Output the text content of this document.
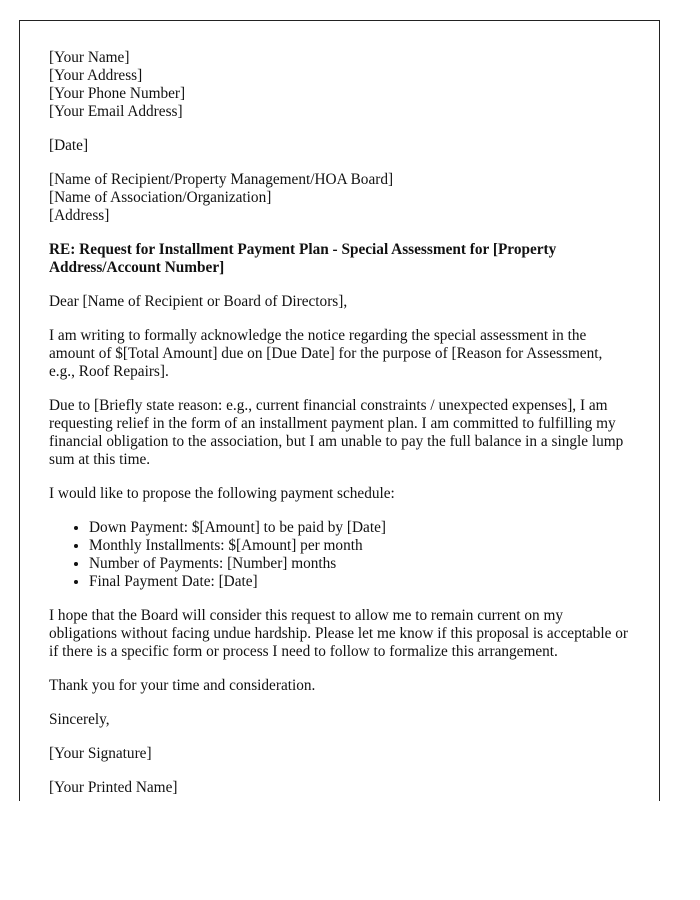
[Your Name]
[Your Address]
[Your Phone Number]
[Your Email Address]
[Date]
[Name of Recipient/Property Management/HOA Board]
[Name of Association/Organization]
[Address]
RE: Request for Installment Payment Plan - Special Assessment for [Property Address/Account Number]

Dear [Name of Recipient or Board of Directors],

I am writing to formally acknowledge the notice regarding the special assessment in the amount of $[Total Amount] due on [Due Date] for the purpose of [Reason for Assessment, e.g., Roof Repairs].

Due to [Briefly state reason: e.g., current financial constraints / unexpected expenses], I am requesting relief in the form of an installment payment plan. I am committed to fulfilling my financial obligation to the association, but I am unable to pay the full balance in a single lump sum at this time.

I would like to propose the following payment schedule:

• Down Payment: $[Amount] to be paid by [Date]
• Monthly Installments: $[Amount] per month
• Number of Payments: [Number] months
• Final Payment Date: [Date]

I hope that the Board will consider this request to allow me to remain current on my obligations without facing undue hardship. Please let me know if this proposal is acceptable or if there is a specific form or process I need to follow to formalize this arrangement.

Thank you for your time and consideration.

Sincerely,

[Your Signature]

[Your Printed Name]
